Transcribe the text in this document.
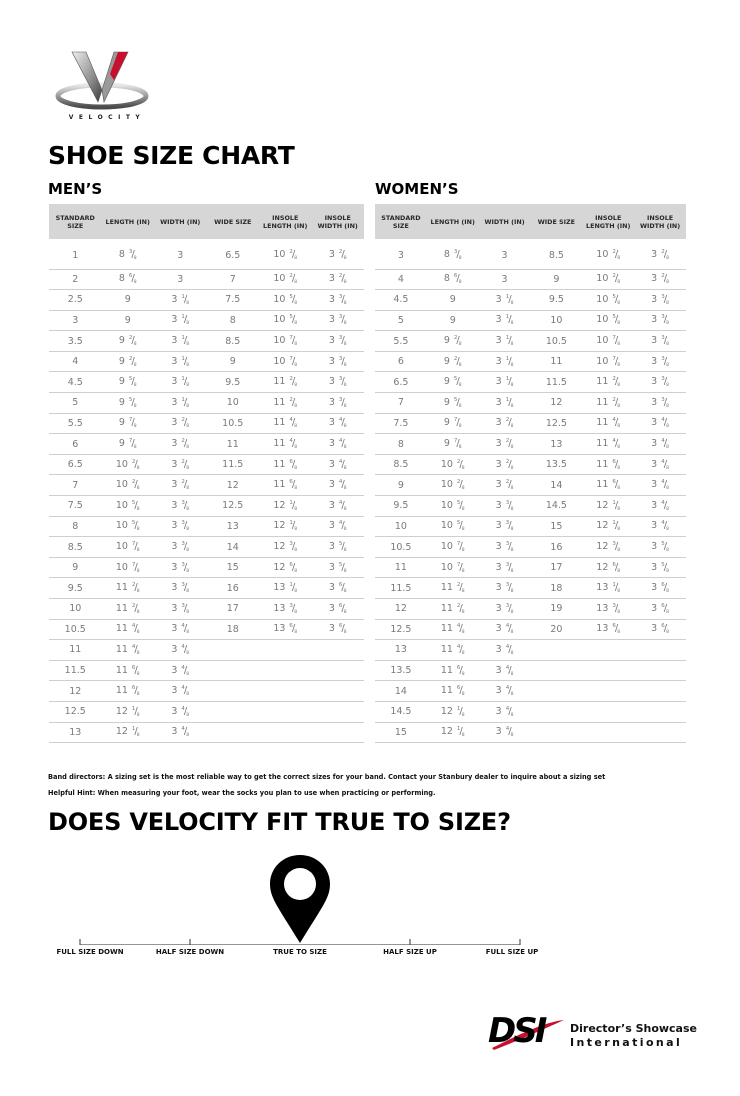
VELOCITY
SHOE SIZE CHART
MEN’S	WOMEN’S
STANDARD SIZE	LENGTH (IN)	WIDTH (IN)	WIDE SIZE	INSOLE LENGTH (IN)	INSOLE WIDTH (IN)
1	8 $^3/_8$	3	6.5	10 $^2/_8$	3 $^2/_8$
2	8 $^6/_8$	3	7	10 $^2/_8$	3 $^2/_8$
2.5	9	3 $^1/_8$	7.5	10 $^5/_8$	3 $^3/_8$
3	9	3 $^1/_8$	8	10 $^5/_8$	3 $^3/_8$
3.5	9 $^2/_8$	3 $^1/_8$	8.5	10 $^7/_8$	3 $^3/_8$
4	9 $^2/_8$	3 $^1/_8$	9	10 $^7/_8$	3 $^3/_8$
4.5	9 $^5/_8$	3 $^1/_8$	9.5	11 $^2/_8$	3 $^3/_8$
5	9 $^5/_8$	3 $^1/_8$	10	11 $^2/_8$	3 $^3/_8$
5.5	9 $^7/_8$	3 $^2/_8$	10.5	11 $^4/_8$	3 $^4/_8$
6	9 $^7/_8$	3 $^2/_8$	11	11 $^4/_8$	3 $^4/_8$
6.5	10 $^2/_8$	3 $^2/_8$	11.5	11 $^6/_8$	3 $^4/_8$
7	10 $^2/_8$	3 $^2/_8$	12	11 $^6/_8$	3 $^4/_8$
7.5	10 $^5/_8$	3 $^3/_8$	12.5	12 $^1/_8$	3 $^4/_8$
8	10 $^5/_8$	3 $^3/_8$	13	12 $^1/_8$	3 $^4/_8$
8.5	10 $^7/_8$	3 $^3/_8$	14	12 $^3/_8$	3 $^5/_8$
9	10 $^7/_8$	3 $^3/_8$	15	12 $^6/_8$	3 $^5/_8$
9.5	11 $^2/_8$	3 $^3/_8$	16	13 $^1/_8$	3 $^6/_8$
10	11 $^2/_8$	3 $^3/_8$	17	13 $^3/_8$	3 $^6/_8$
10.5	11 $^4/_8$	3 $^4/_8$	18	13 $^6/_8$	3 $^6/_8$
11	11 $^4/_8$	3 $^4/_8$			
11.5	11 $^6/_8$	3 $^4/_8$			
12	11 $^6/_8$	3 $^4/_8$			
12.5	12 $^1/_8$	3 $^4/_8$			
13	12 $^1/_8$	3 $^4/_8$			
STANDARD SIZE	LENGTH (IN)	WIDTH (IN)	WIDE SIZE	INSOLE LENGTH (IN)	INSOLE WIDTH (IN)
3	8 $^3/_8$	3	8.5	10 $^2/_8$	3 $^2/_8$
4	8 $^6/_8$	3	9	10 $^2/_8$	3 $^2/_8$
4.5	9	3 $^1/_8$	9.5	10 $^5/_8$	3 $^3/_8$
5	9	3 $^1/_8$	10	10 $^5/_8$	3 $^3/_8$
5.5	9 $^2/_8$	3 $^1/_8$	10.5	10 $^7/_8$	3 $^3/_8$
6	9 $^2/_8$	3 $^1/_8$	11	10 $^7/_8$	3 $^3/_8$
6.5	9 $^5/_8$	3 $^1/_8$	11.5	11 $^2/_8$	3 $^3/_8$
7	9 $^5/_8$	3 $^1/_8$	12	11 $^2/_8$	3 $^3/_8$
7.5	9 $^7/_8$	3 $^2/_8$	12.5	11 $^4/_8$	3 $^4/_8$
8	9 $^7/_8$	3 $^2/_8$	13	11 $^4/_8$	3 $^4/_8$
8.5	10 $^2/_8$	3 $^2/_8$	13.5	11 $^6/_8$	3 $^4/_8$
9	10 $^2/_8$	3 $^2/_8$	14	11 $^6/_8$	3 $^4/_8$
9.5	10 $^5/_8$	3 $^3/_8$	14.5	12 $^1/_8$	3 $^4/_8$
10	10 $^5/_8$	3 $^3/_8$	15	12 $^1/_8$	3 $^4/_8$
10.5	10 $^7/_8$	3 $^3/_8$	16	12 $^3/_8$	3 $^5/_8$
11	10 $^7/_8$	3 $^3/_8$	17	12 $^6/_8$	3 $^5/_8$
11.5	11 $^2/_8$	3 $^3/_8$	18	13 $^1/_8$	3 $^6/_8$
12	11 $^2/_8$	3 $^3/_8$	19	13 $^3/_8$	3 $^6/_8$
12.5	11 $^4/_8$	3 $^4/_8$	20	13 $^6/_8$	3 $^6/_8$
13	11 $^4/_8$	3 $^4/_8$			
13.5	11 $^6/_8$	3 $^4/_8$			
14	11 $^6/_8$	3 $^4/_8$			
14.5	12 $^1/_8$	3 $^4/_8$			
15	12 $^1/_8$	3 $^4/_8$			
Band directors: A sizing set is the most reliable way to get the correct sizes for your band. Contact your Stanbury dealer to inquire about a sizing set
Helpful Hint: When measuring your foot, wear the socks you plan to use when practicing or performing.
DOES VELOCITY FIT TRUE TO SIZE?
FULL SIZE DOWN	HALF SIZE DOWN	TRUE TO SIZE	HALF SIZE UP	FULL SIZE UP
DSI Director’s Showcase
International
